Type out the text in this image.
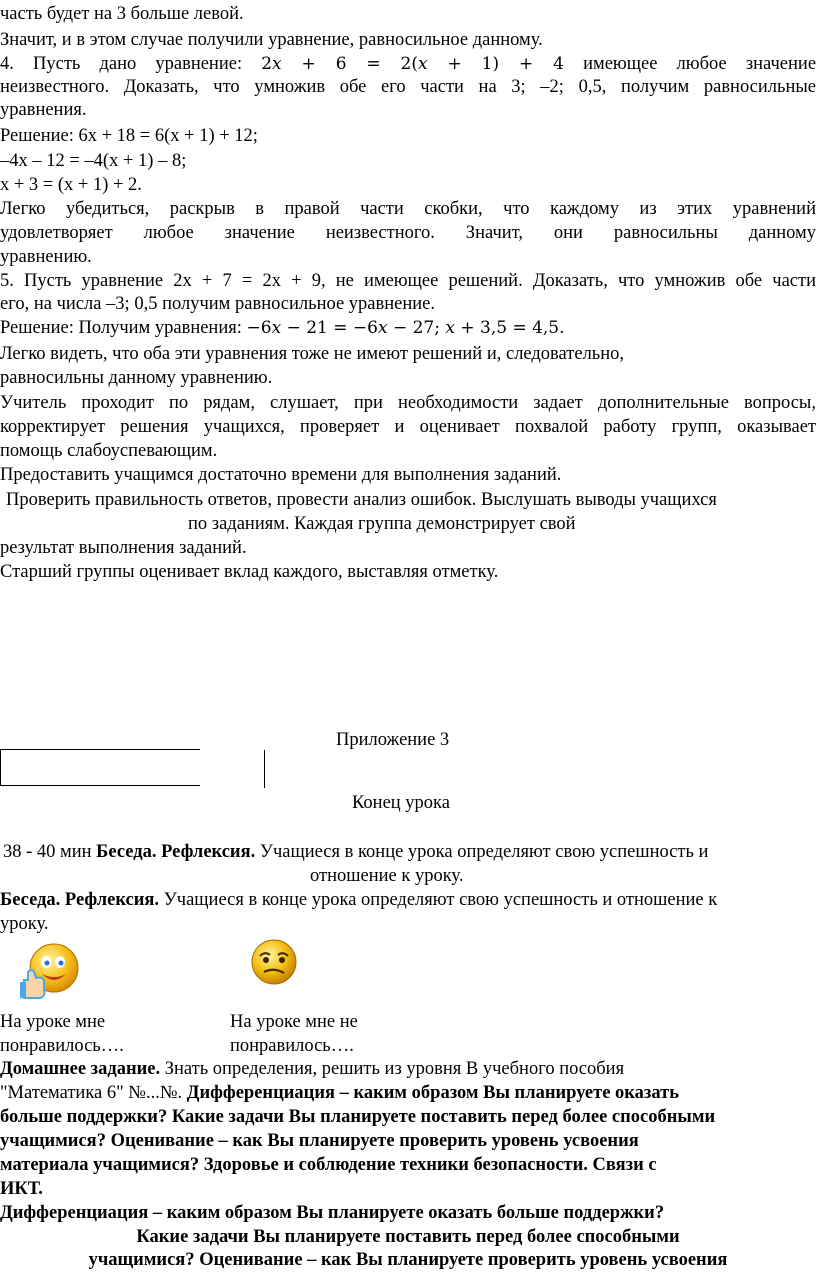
часть будет на 3 больше левой.
Значит, и в этом случае получили уравнение, равносильное данному.
4. Пусть дано уравнение: 2𝑥 + 6 = 2(𝑥 + 1) + 4 имеющее любое значение
неизвестного. Доказать, что умножив обе его части на 3; –2; 0,5, получим равносильные
уравнения.
Решение: 6x + 18 = 6(x + 1) + 12;
–4x – 12 = –4(x + 1) – 8;
x + 3 = (x + 1) + 2.
Легко убедиться, раскрыв в правой части скобки, что каждому из этих уравнений
удовлетворяет любое значение неизвестного. Значит, они равносильны данному
уравнению.
5. Пусть уравнение 2x + 7 = 2x + 9, не имеющее решений. Доказать, что умножив обе части
его, на числа –3; 0,5 получим равносильное уравнение.
Решение: Получим уравнения: −6𝑥 − 21 = −6𝑥 − 27; 𝑥 + 3,5 = 4,5.
Легко видеть, что оба эти уравнения тоже не имеют решений и, следовательно,
равносильны данному уравнению.
Учитель проходит по рядам, слушает, при необходимости задает дополнительные вопросы,
корректирует решения учащихся, проверяет и оценивает похвалой работу групп, оказывает
помощь слабоуспевающим.
Предоставить учащимся достаточно времени для выполнения заданий.
Проверить правильность ответов, провести анализ ошибок. Выслушать выводы учащихся
по заданиям. Каждая группа демонстрирует свой
результат выполнения заданий.
Старший группы оценивает вклад каждого, выставляя отметку.
Приложение 3
Конец урока
38 - 40 мин Беседа. Рефлексия. Учащиеся в конце урока определяют свою успешность и
отношение к уроку.
Беседа. Рефлексия. Учащиеся в конце урока определяют свою успешность и отношение к
уроку.
На уроке мне
понравилось….
На уроке мне не
понравилось….
Домашнее задание. Знать определения, решить из уровня В учебного пособия
"Математика 6" №...№. Дифференциация – каким образом Вы планируете оказать
больше поддержки? Какие задачи Вы планируете поставить перед более способными
учащимися? Оценивание – как Вы планируете проверить уровень усвоения
материала учащимися? Здоровье и соблюдение техники безопасности. Связи с
ИКТ.
Дифференциация – каким образом Вы планируете оказать больше поддержки?
Какие задачи Вы планируете поставить перед более способными
учащимися? Оценивание – как Вы планируете проверить уровень усвоения
